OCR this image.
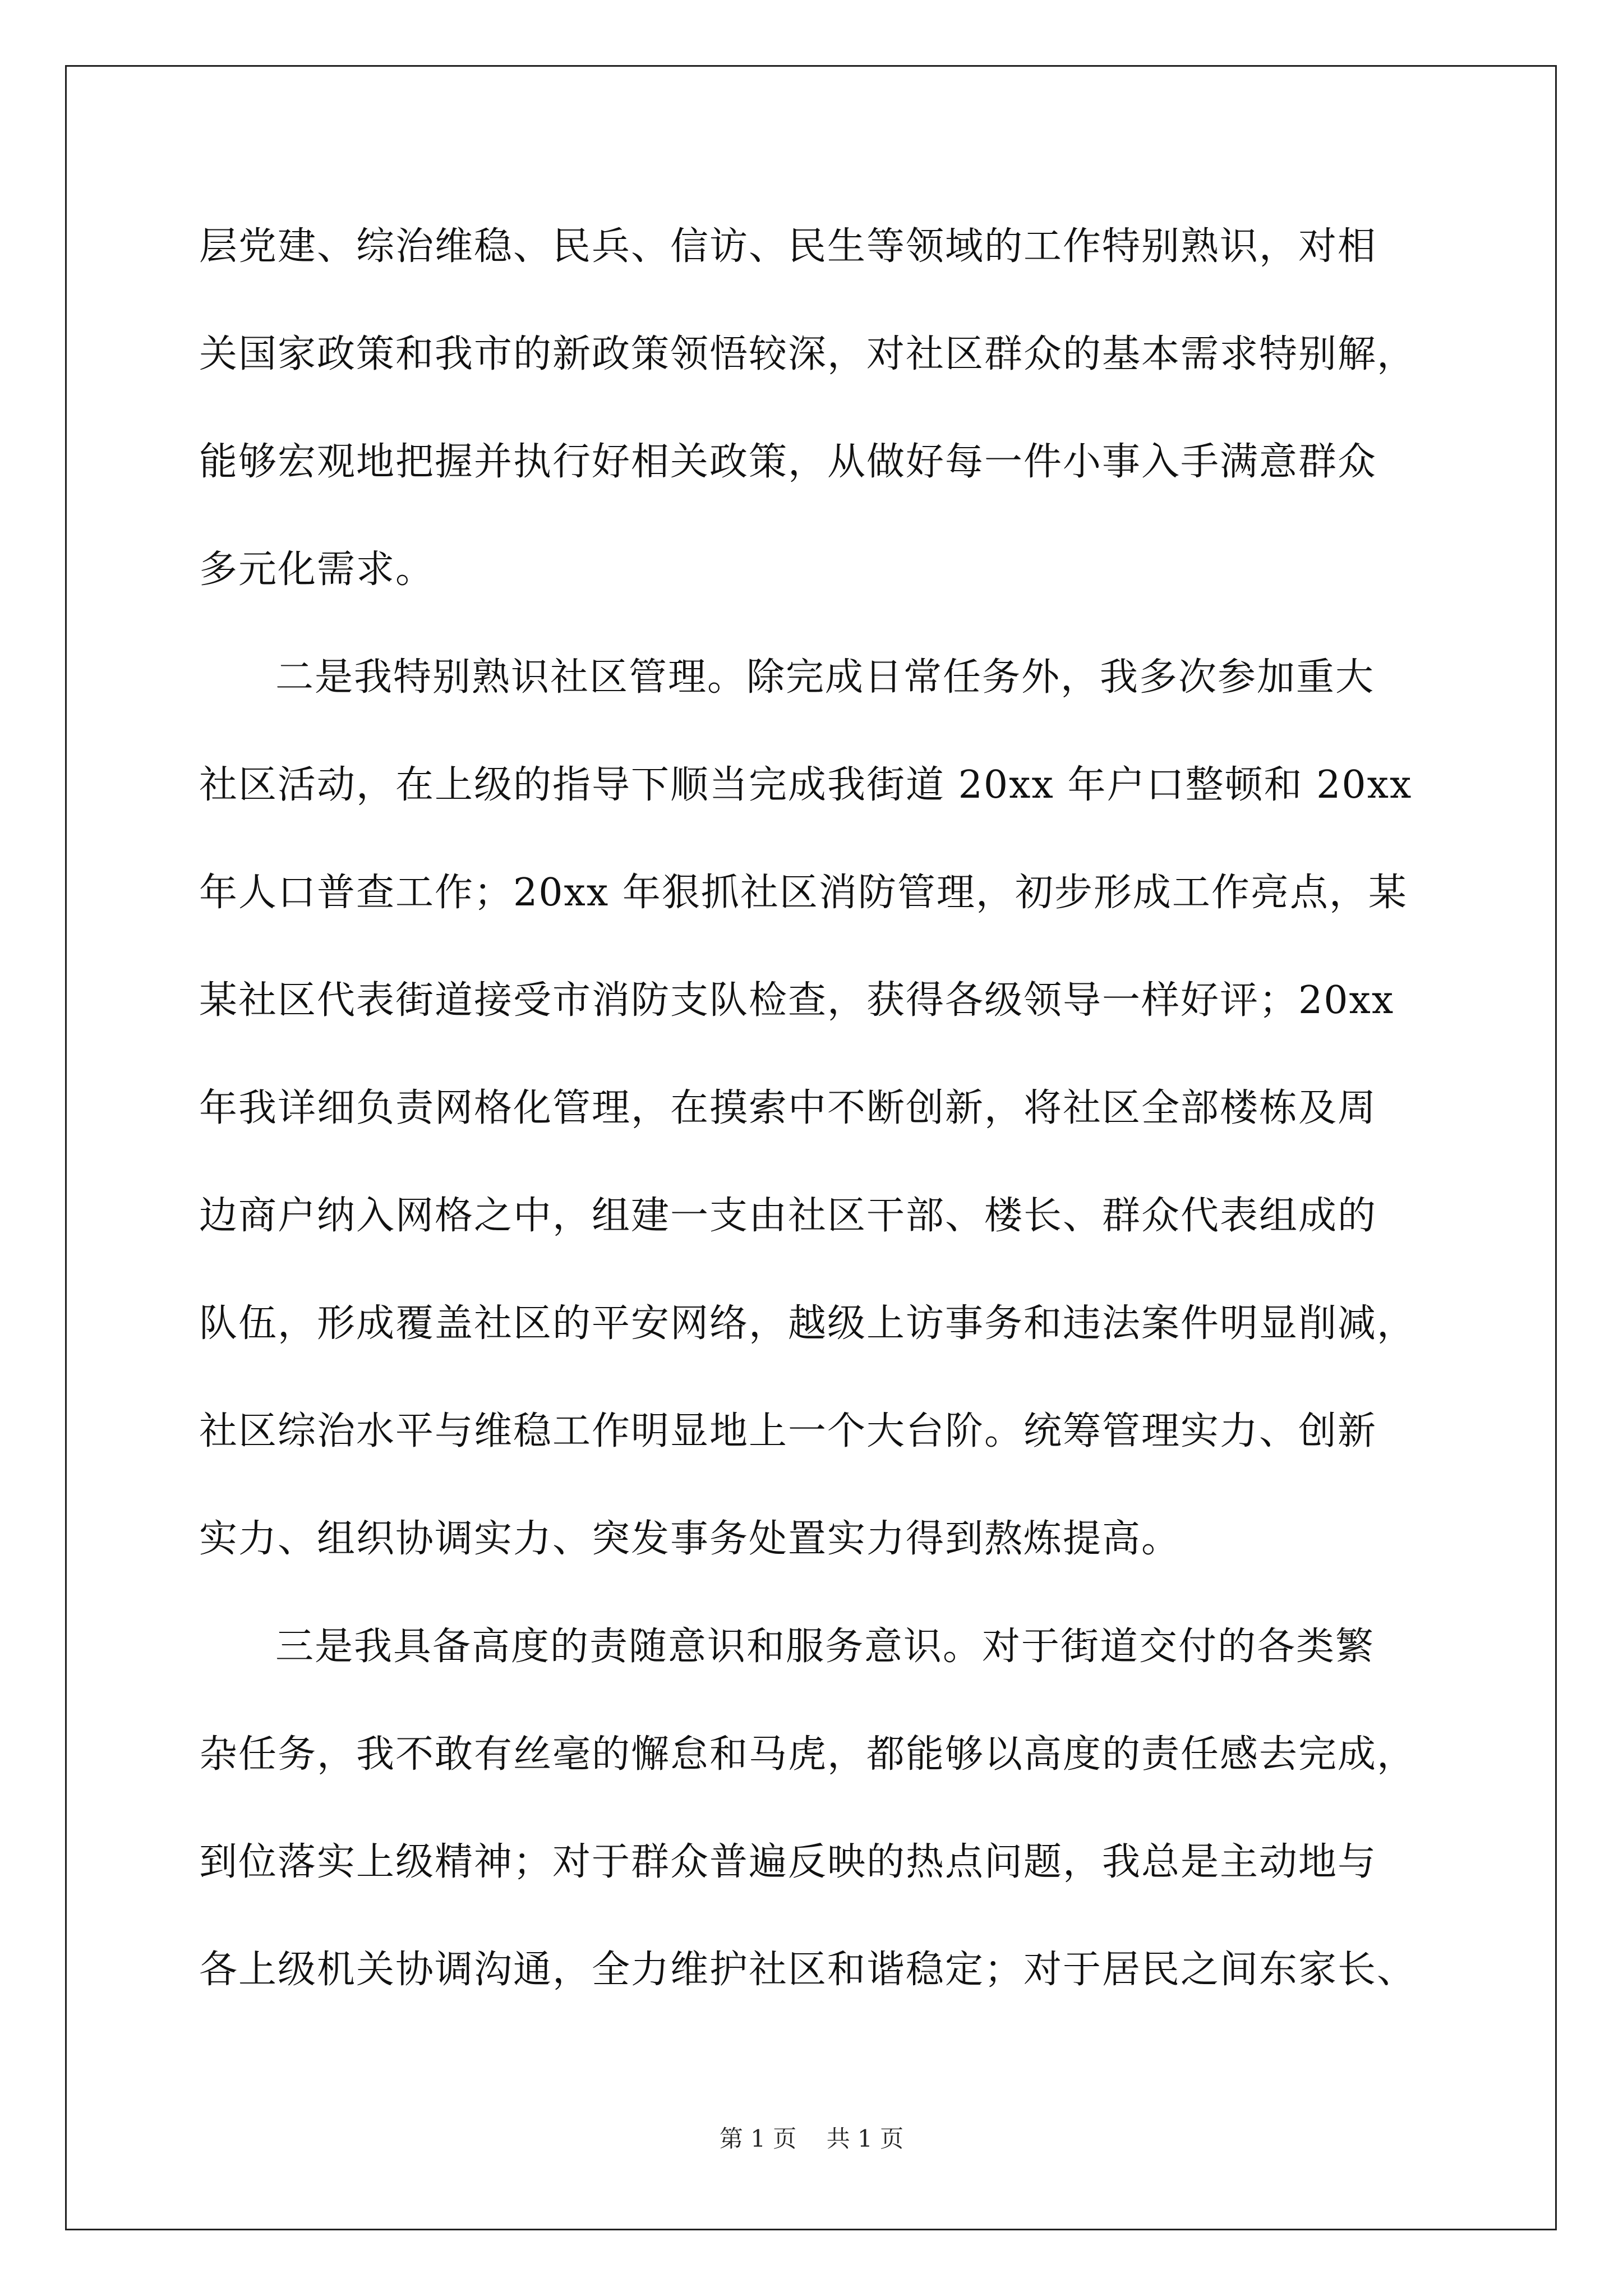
层党建、综治维稳、民兵、信访、民生等领域的工作特别熟识，对相
关国家政策和我市的新政策领悟较深，对社区群众的基本需求特别解，
能够宏观地把握并执行好相关政策，从做好每一件小事入手满意群众
多元化需求。
二是我特别熟识社区管理。除完成日常任务外，我多次参加重大
社区活动，在上级的指导下顺当完成我街道 20xx 年户口整顿和 20xx
年人口普查工作；20xx 年狠抓社区消防管理，初步形成工作亮点，某
某社区代表街道接受市消防支队检查，获得各级领导一样好评；20xx
年我详细负责网格化管理，在摸索中不断创新，将社区全部楼栋及周
边商户纳入网格之中，组建一支由社区干部、楼长、群众代表组成的
队伍，形成覆盖社区的平安网络，越级上访事务和违法案件明显削减，
社区综治水平与维稳工作明显地上一个大台阶。统筹管理实力、创新
实力、组织协调实力、突发事务处置实力得到熬炼提高。
三是我具备高度的责随意识和服务意识。对于街道交付的各类繁
杂任务，我不敢有丝毫的懈怠和马虎，都能够以高度的责任感去完成，
到位落实上级精神；对于群众普遍反映的热点问题，我总是主动地与
各上级机关协调沟通，全力维护社区和谐稳定；对于居民之间东家长、
第 1 页    共 1 页
